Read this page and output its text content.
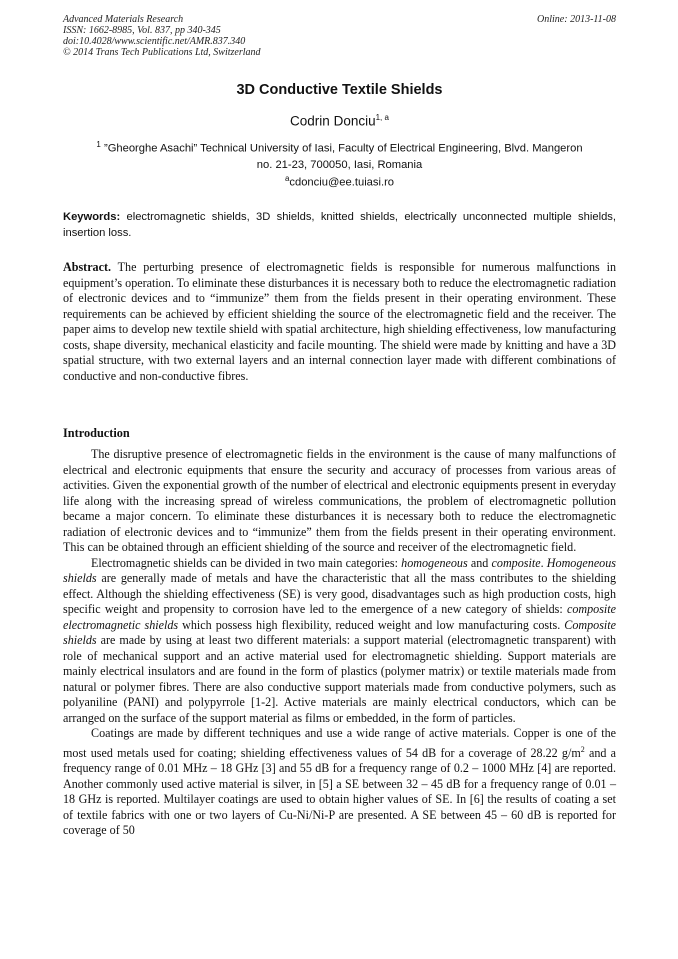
Advanced Materials Research
ISSN: 1662-8985, Vol. 837, pp 340-345
doi:10.4028/www.scientific.net/AMR.837.340
© 2014 Trans Tech Publications Ltd, Switzerland
Online: 2013-11-08
3D Conductive Textile Shields
Codrin Donciu$^{1, a}$
$^1$ ”Gheorghe Asachi” Technical University of Iasi, Faculty of Electrical Engineering, Blvd. Mangeron
no. 21-23, 700050, Iasi, Romania
$^a$cdonciu@ee.tuiasi.ro
Keywords: electromagnetic shields, 3D shields, knitted shields, electrically unconnected multiple shields, insertion loss.
Abstract. The perturbing presence of electromagnetic fields is responsible for numerous malfunctions in equipment’s operation. To eliminate these disturbances it is necessary both to reduce the electromagnetic radiation of electronic devices and to “immunize” them from the fields present in their operating environment. These requirements can be achieved by efficient shielding the source of the electromagnetic field and the receiver. The paper aims to develop new textile shield with spatial architecture, high shielding effectiveness, low manufacturing costs, shape diversity, mechanical elasticity and facile mounting. The shield were made by knitting and have a 3D spatial structure, with two external layers and an internal connection layer made with different combinations of conductive and non-conductive fibres.
Introduction

The disruptive presence of electromagnetic fields in the environment is the cause of many malfunctions of electrical and electronic equipments that ensure the security and accuracy of processes from various areas of activities. Given the exponential growth of the number of electrical and electronic equipments present in everyday life along with the increasing spread of wireless communications, the problem of electromagnetic pollution became a major concern. To eliminate these disturbances it is necessary both to reduce the electromagnetic radiation of electronic devices and to “immunize” them from the fields present in their operating environment. This can be obtained through an efficient shielding of the source and receiver of the electromagnetic field.

Electromagnetic shields can be divided in two main categories: homogeneous and composite. Homogeneous shields are generally made of metals and have the characteristic that all the mass contributes to the shielding effect. Although the shielding effectiveness (SE) is very good, disadvantages such as high production costs, high specific weight and propensity to corrosion have led to the emergence of a new category of shields: composite electromagnetic shields which possess high flexibility, reduced weight and low manufacturing costs. Composite shields are made by using at least two different materials: a support material (electromagnetic transparent) with role of mechanical support and an active material used for electromagnetic shielding. Support materials are mainly electrical insulators and are found in the form of plastics (polymer matrix) or textile materials made from natural or polymer fibres. There are also conductive support materials made from conductive polymers, such as polyaniline (PANI) and polypyrrole [1-2]. Active materials are mainly electrical conductors, which can be arranged on the surface of the support material as films or embedded, in the form of particles.

Coatings are made by different techniques and use a wide range of active materials. Copper is one of the most used metals used for coating; shielding effectiveness values of 54 dB for a coverage of 28.22 $g/m^2$ and a frequency range of 0.01 MHz – 18 GHz [3] and 55 dB for a frequency range of 0.2 – 1000 MHz [4] are reported. Another commonly used active material is silver, in [5] a SE between 32 – 45 dB for a frequency range of 0.01 – 18 GHz is reported. Multilayer coatings are used to obtain higher values of SE. In [6] the results of coating a set of textile fabrics with one or two layers of Cu-Ni/Ni-P are presented. A SE between 45 – 60 dB is reported for coverage of 50
